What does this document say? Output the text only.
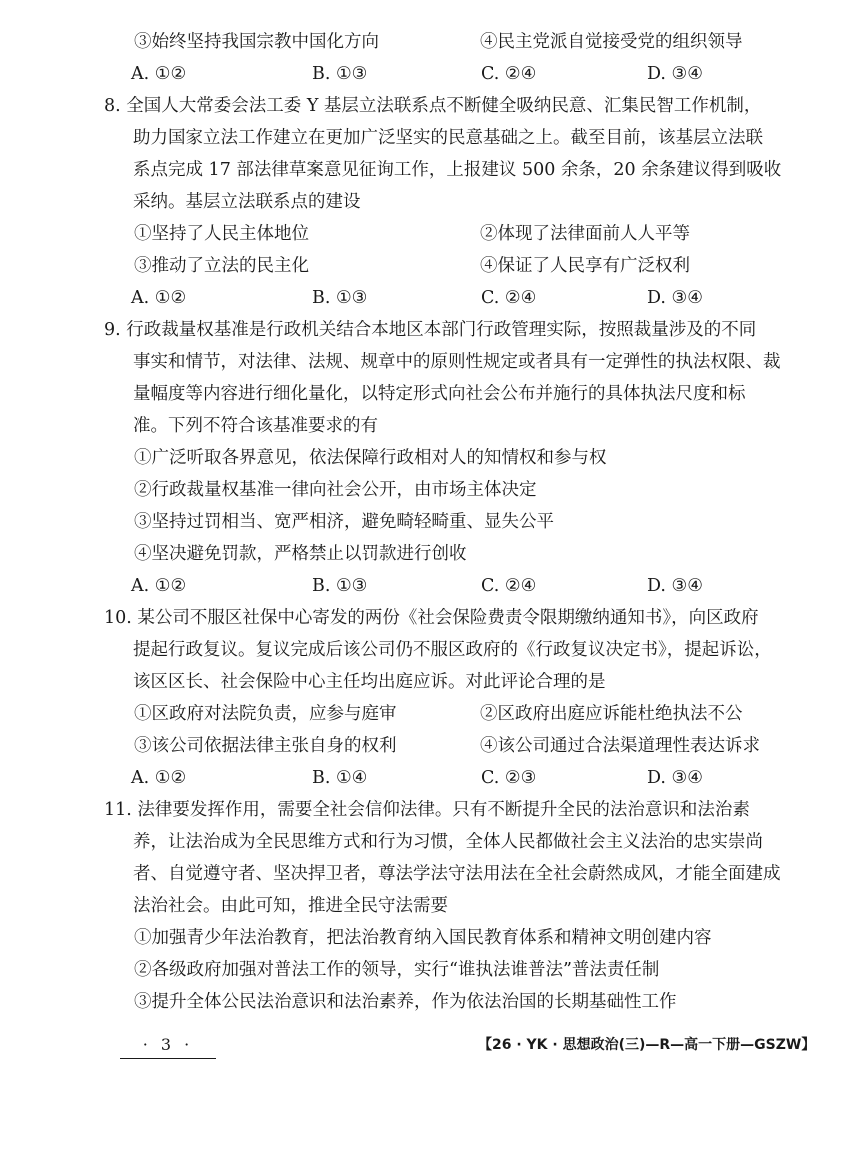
③始终坚持我国宗教中国化方向	④民主党派自觉接受党的组织领导
A. ①②	B. ①③	C. ②④	D. ③④
8. 全国人大常委会法工委 Y 基层立法联系点不断健全吸纳民意、汇集民智工作机制，
助力国家立法工作建立在更加广泛坚实的民意基础之上。截至目前，该基层立法联
系点完成 17 部法律草案意见征询工作，上报建议 500 余条，20 余条建议得到吸收
采纳。基层立法联系点的建设
①坚持了人民主体地位	②体现了法律面前人人平等
③推动了立法的民主化	④保证了人民享有广泛权利
A. ①②	B. ①③	C. ②④	D. ③④
9. 行政裁量权基准是行政机关结合本地区本部门行政管理实际，按照裁量涉及的不同
事实和情节，对法律、法规、规章中的原则性规定或者具有一定弹性的执法权限、裁
量幅度等内容进行细化量化，以特定形式向社会公布并施行的具体执法尺度和标
准。下列不符合该基准要求的有
①广泛听取各界意见，依法保障行政相对人的知情权和参与权
②行政裁量权基准一律向社会公开，由市场主体决定
③坚持过罚相当、宽严相济，避免畸轻畸重、显失公平
④坚决避免罚款，严格禁止以罚款进行创收
A. ①②	B. ①③	C. ②④	D. ③④
10. 某公司不服区社保中心寄发的两份《社会保险费责令限期缴纳通知书》，向区政府
提起行政复议。复议完成后该公司仍不服区政府的《行政复议决定书》，提起诉讼，
该区区长、社会保险中心主任均出庭应诉。对此评论合理的是
①区政府对法院负责，应参与庭审	②区政府出庭应诉能杜绝执法不公
③该公司依据法律主张自身的权利	④该公司通过合法渠道理性表达诉求
A. ①②	B. ①④	C. ②③	D. ③④
11. 法律要发挥作用，需要全社会信仰法律。只有不断提升全民的法治意识和法治素
养，让法治成为全民思维方式和行为习惯，全体人民都做社会主义法治的忠实崇尚
者、自觉遵守者、坚决捍卫者，尊法学法守法用法在全社会蔚然成风，才能全面建成
法治社会。由此可知，推进全民守法需要
①加强青少年法治教育，把法治教育纳入国民教育体系和精神文明创建内容
②各级政府加强对普法工作的领导，实行“谁执法谁普法”普法责任制
③提升全体公民法治意识和法治素养，作为依法治国的长期基础性工作
· 3 ·	【26 · YK · 思想政治(三)—R—高一下册—GSZW】
